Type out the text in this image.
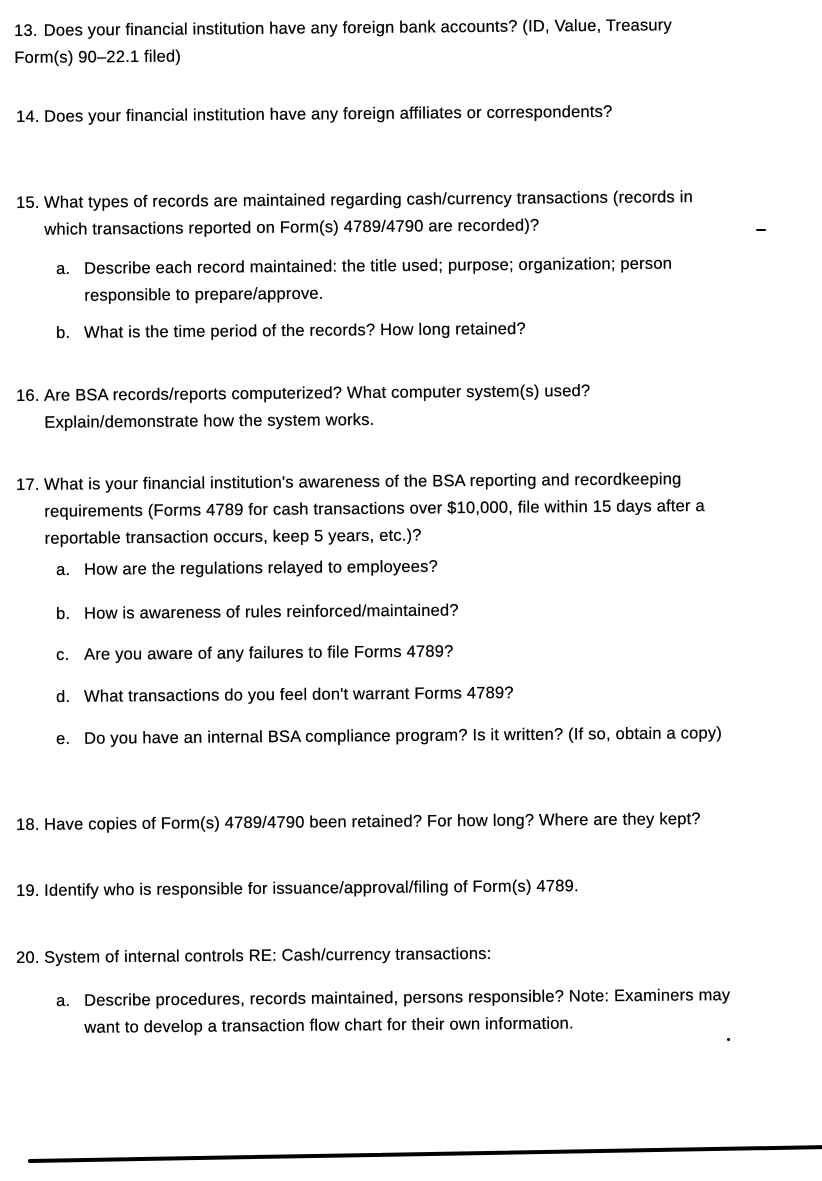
13. Does your financial institution have any foreign bank accounts? (ID, Value, Treasury
Form(s) 90–22.1 filed)
14. Does your financial institution have any foreign affiliates or correspondents?
15. What types of records are maintained regarding cash/currency transactions (records in
which transactions reported on Form(s) 4789/4790 are recorded)?
a. Describe each record maintained: the title used; purpose; organization; person
responsible to prepare/approve.
b. What is the time period of the records? How long retained?
16. Are BSA records/reports computerized? What computer system(s) used?
Explain/demonstrate how the system works.
17. What is your financial institution's awareness of the BSA reporting and recordkeeping
requirements (Forms 4789 for cash transactions over $10,000, file within 15 days after a
reportable transaction occurs, keep 5 years, etc.)?
a. How are the regulations relayed to employees?
b. How is awareness of rules reinforced/maintained?
c. Are you aware of any failures to file Forms 4789?
d. What transactions do you feel don't warrant Forms 4789?
e. Do you have an internal BSA compliance program? Is it written? (If so, obtain a copy)
18. Have copies of Form(s) 4789/4790 been retained? For how long? Where are they kept?
19. Identify who is responsible for issuance/approval/filing of Form(s) 4789.
20. System of internal controls RE: Cash/currency transactions:
a. Describe procedures, records maintained, persons responsible? Note: Examiners may
want to develop a transaction flow chart for their own information.
